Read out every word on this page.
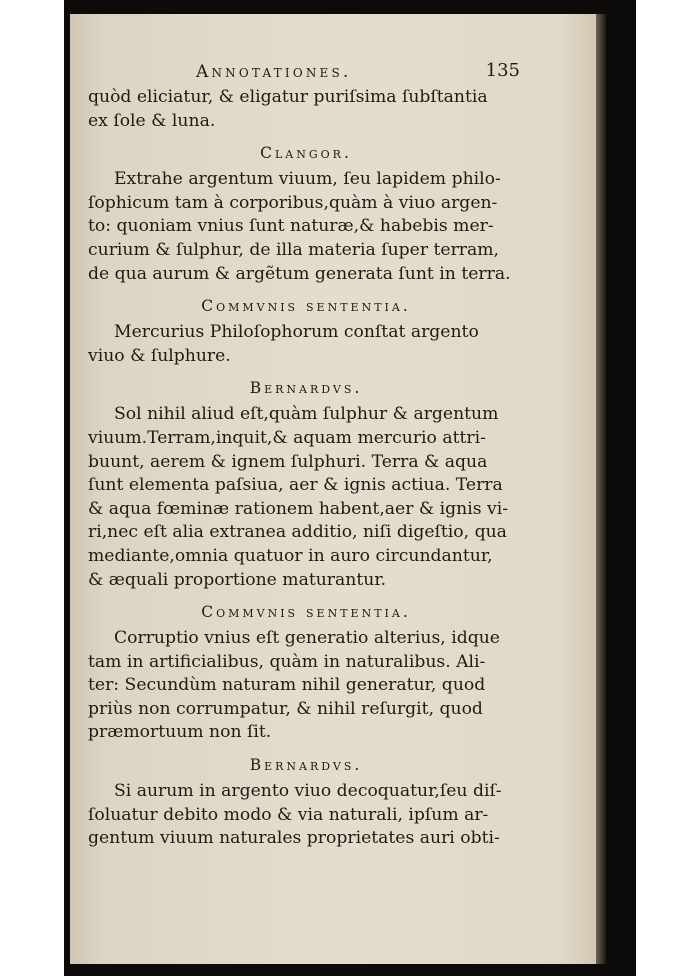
Annotationes.	135
quòd eliciatur, & eligatur puriſsima ſubſtantia
ex ſole & luna.
Clangor.
Extrahe argentum viuum, ſeu lapidem philo-
ſophicum tam à corporibus,quàm à viuo argen-
to: quoniam vnius ſunt naturæ,& habebis mer-
curium & ſulphur, de illa materia ſuper terram,
de qua aurum & argẽtum generata ſunt in terra.
Commvnis sententia.
Mercurius Philoſophorum conſtat argento
viuo & ſulphure.
Bernardvs.
Sol nihil aliud eſt,quàm ſulphur & argentum
viuum.Terram,inquit,& aquam mercurio attri-
buunt, aerem & ignem ſulphuri. Terra & aqua
ſunt elementa paſsiua, aer & ignis actiua. Terra
& aqua fœminæ rationem habent,aer & ignis vi-
ri,nec eſt alia extranea additio, niſi digeſtio, qua
mediante,omnia quatuor in auro circundantur,
& æquali proportione maturantur.
Commvnis sententia.
Corruptio vnius eſt generatio alterius, idque
tam in artificialibus, quàm in naturalibus. Ali-
ter: Secundùm naturam nihil generatur, quod
priùs non corrumpatur, & nihil reſurgit, quod
præmortuum non ſit.
Bernardvs.
Si aurum in argento viuo decoquatur,ſeu diſ-
ſoluatur debito modo & via naturali, ipſum ar-
gentum viuum naturales proprietates auri obti-
